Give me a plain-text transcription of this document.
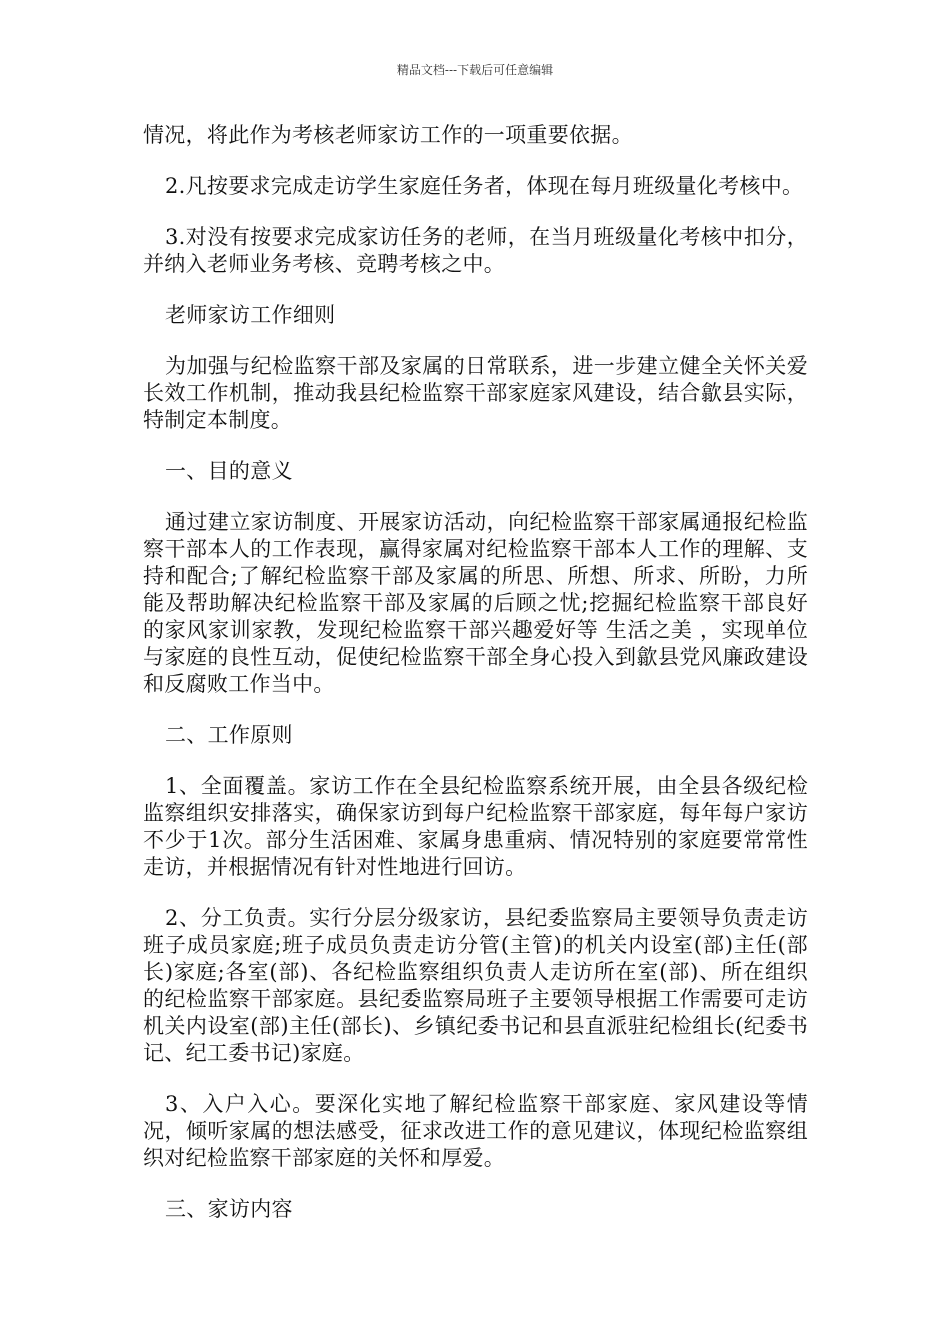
精品文档---下载后可任意编辑

情况，将此作为考核老师家访工作的一项重要依据。

2.凡按要求完成走访学生家庭任务者，体现在每月班级量化考核中。

3.对没有按要求完成家访任务的老师，在当月班级量化考核中扣分，并纳入老师业务考核、竞聘考核之中。

老师家访工作细则

为加强与纪检监察干部及家属的日常联系，进一步建立健全关怀关爱长效工作机制，推动我县纪检监察干部家庭家风建设，结合歙县实际，特制定本制度。

一、目的意义

通过建立家访制度、开展家访活动，向纪检监察干部家属通报纪检监察干部本人的工作表现，赢得家属对纪检监察干部本人工作的理解、支持和配合;了解纪检监察干部及家属的所思、所想、所求、所盼，力所能及帮助解决纪检监察干部及家属的后顾之忧;挖掘纪检监察干部良好的家风家训家教，发现纪检监察干部兴趣爱好等 生活之美 ，实现单位与家庭的良性互动，促使纪检监察干部全身心投入到歙县党风廉政建设和反腐败工作当中。

二、工作原则

1、全面覆盖。家访工作在全县纪检监察系统开展，由全县各级纪检监察组织安排落实，确保家访到每户纪检监察干部家庭，每年每户家访不少于1次。部分生活困难、家属身患重病、情况特别的家庭要常常性走访，并根据情况有针对性地进行回访。

2、分工负责。实行分层分级家访，县纪委监察局主要领导负责走访班子成员家庭;班子成员负责走访分管(主管)的机关内设室(部)主任(部长)家庭;各室(部)、各纪检监察组织负责人走访所在室(部)、所在组织的纪检监察干部家庭。县纪委监察局班子主要领导根据工作需要可走访机关内设室(部)主任(部长)、乡镇纪委书记和县直派驻纪检组长(纪委书记、纪工委书记)家庭。

3、入户入心。要深化实地了解纪检监察干部家庭、家风建设等情况，倾听家属的想法感受，征求改进工作的意见建议，体现纪检监察组织对纪检监察干部家庭的关怀和厚爱。

三、家访内容
